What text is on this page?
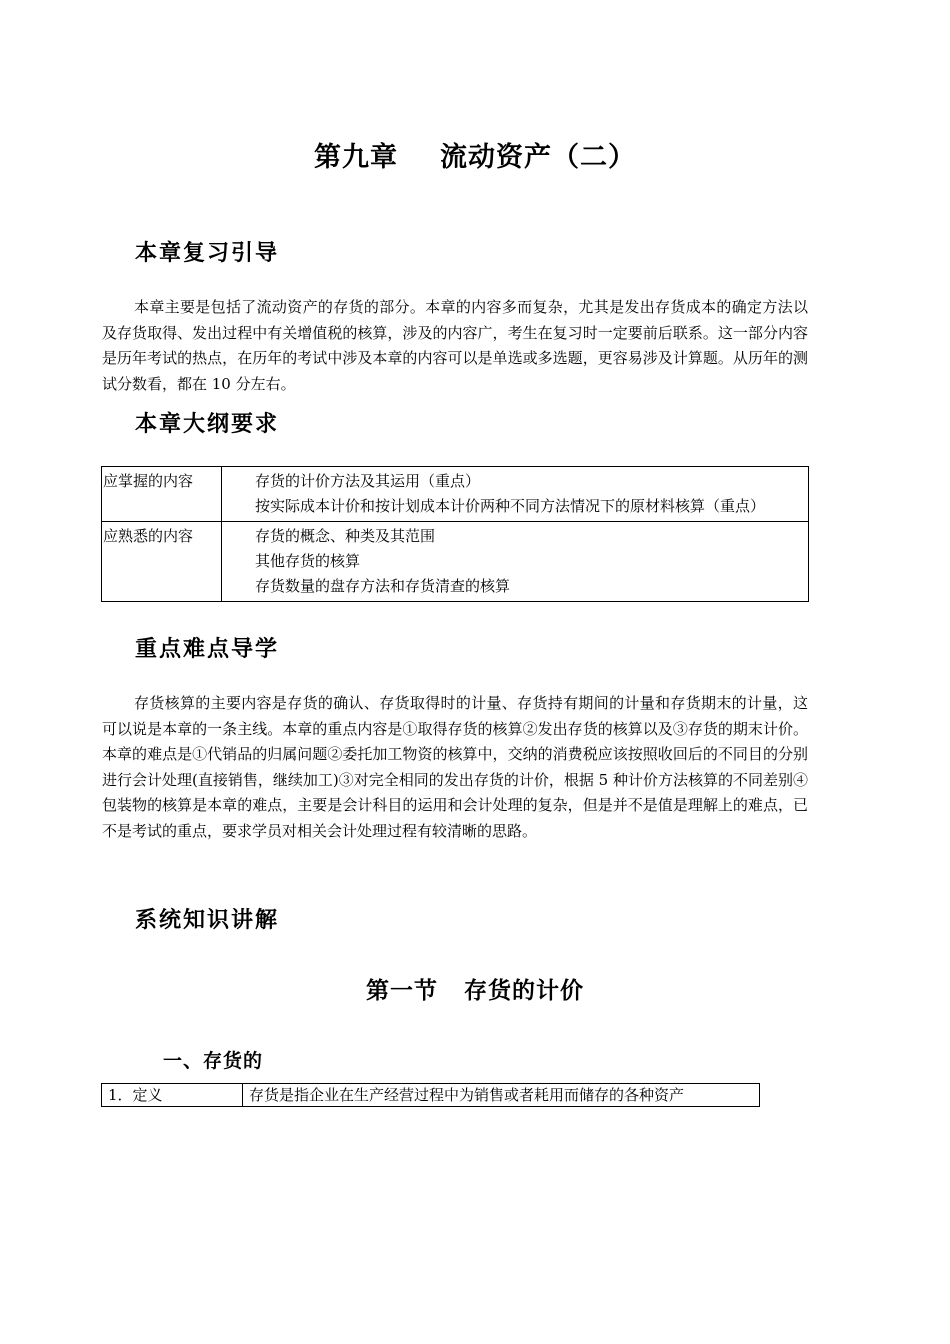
第九章 流动资产（二）
本章复习引导
本章主要是包括了流动资产的存货的部分。本章的内容多而复杂，尤其是发出存货成本的确定方法以及存货取得、发出过程中有关增值税的核算，涉及的内容广，考生在复习时一定要前后联系。这一部分内容是历年考试的热点，在历年的考试中涉及本章的内容可以是单选或多选题，更容易涉及计算题。从历年的测试分数看，都在 10 分左右。
本章大纲要求
应掌握的内容	存货的计价方法及其运用（重点）
按实际成本计价和按计划成本计价两种不同方法情况下的原材料核算（重点）

应熟悉的内容	存货的概念、种类及其范围
其他存货的核算
存货数量的盘存方法和存货清查的核算
重点难点导学
存货核算的主要内容是存货的确认、存货取得时的计量、存货持有期间的计量和存货期末的计量，这可以说是本章的一条主线。本章的重点内容是①取得存货的核算②发出存货的核算以及③存货的期末计价。本章的难点是①代销品的归属问题②委托加工物资的核算中，交纳的消费税应该按照收回后的不同目的分别进行会计处理(直接销售，继续加工)③对完全相同的发出存货的计价，根据 5 种计价方法核算的不同差别④包装物的核算是本章的难点，主要是会计科目的运用和会计处理的复杂，但是并不是值是理解上的难点，已不是考试的重点，要求学员对相关会计处理过程有较清晰的思路。
系统知识讲解
第一节 存货的计价
一、存货的
1．定义	存货是指企业在生产经营过程中为销售或者耗用而储存的各种资产
